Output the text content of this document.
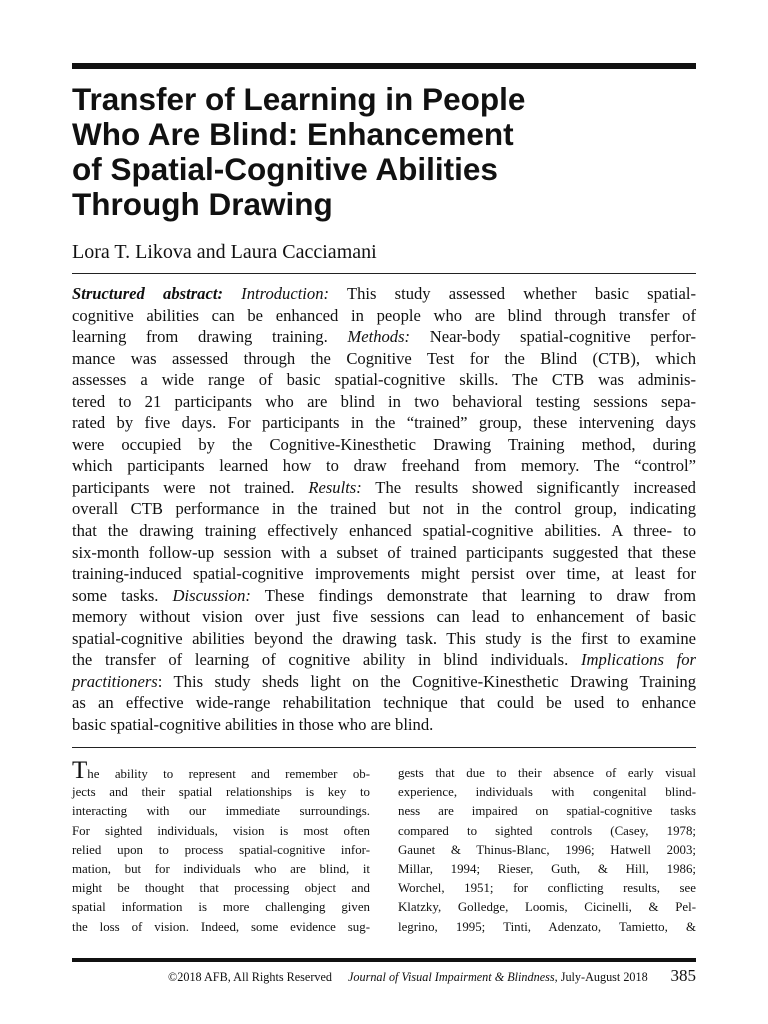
Transfer of Learning in People
Who Are Blind: Enhancement
of Spatial-Cognitive Abilities
Through Drawing

Lora T. Likova and Laura Cacciamani

Structured abstract: Introduction: This study assessed whether basic spatial-
cognitive abilities can be enhanced in people who are blind through transfer of
learning from drawing training. Methods: Near-body spatial-cognitive perfor-
mance was assessed through the Cognitive Test for the Blind (CTB), which
assesses a wide range of basic spatial-cognitive skills. The CTB was adminis-
tered to 21 participants who are blind in two behavioral testing sessions sepa-
rated by five days. For participants in the “trained” group, these intervening days
were occupied by the Cognitive-Kinesthetic Drawing Training method, during
which participants learned how to draw freehand from memory. The “control”
participants were not trained. Results: The results showed significantly increased
overall CTB performance in the trained but not in the control group, indicating
that the drawing training effectively enhanced spatial-cognitive abilities. A three- to
six-month follow-up session with a subset of trained participants suggested that these
training-induced spatial-cognitive improvements might persist over time, at least for
some tasks. Discussion: These findings demonstrate that learning to draw from
memory without vision over just five sessions can lead to enhancement of basic
spatial-cognitive abilities beyond the drawing task. This study is the first to examine
the transfer of learning of cognitive ability in blind individuals. Implications for
practitioners: This study sheds light on the Cognitive-Kinesthetic Drawing Training
as an effective wide-range rehabilitation technique that could be used to enhance
basic spatial-cognitive abilities in those who are blind.
The ability to represent and remember ob-
jects and their spatial relationships is key to
interacting with our immediate surroundings.
For sighted individuals, vision is most often
relied upon to process spatial-cognitive infor-
mation, but for individuals who are blind, it
might be thought that processing object and
spatial information is more challenging given
the loss of vision. Indeed, some evidence sug-
gests that due to their absence of early visual
experience, individuals with congenital blind-
ness are impaired on spatial-cognitive tasks
compared to sighted controls (Casey, 1978;
Gaunet & Thinus-Blanc, 1996; Hatwell 2003;
Millar, 1994; Rieser, Guth, & Hill, 1986;
Worchel, 1951; for conflicting results, see
Klatzky, Golledge, Loomis, Cicinelli, & Pel-
legrino, 1995; Tinti, Adenzato, Tamietto, &
©2018 AFB, All Rights Reserved Journal of Visual Impairment & Blindness, July-August 2018 385
